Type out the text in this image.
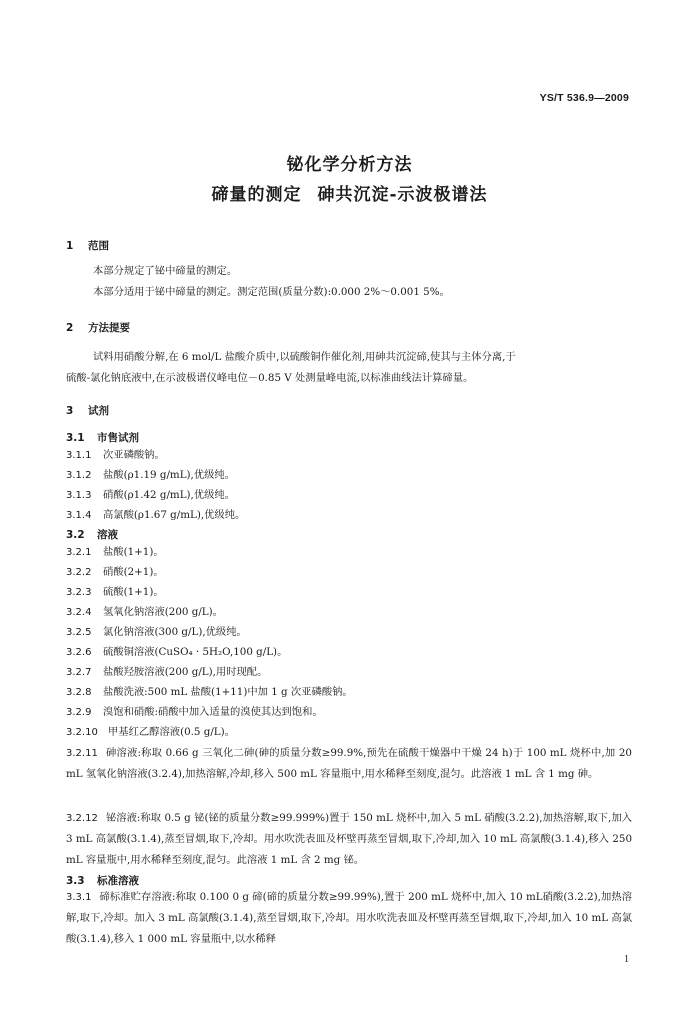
YS/T 536.9—2009
铋化学分析方法
碲量的测定 砷共沉淀-示波极谱法
1 范围
本部分规定了铋中碲量的测定。
本部分适用于铋中碲量的测定。测定范围(质量分数):0.000 2%～0.001 5%。
2 方法提要
试料用硝酸分解,在 6 mol/L 盐酸介质中,以硫酸铜作催化剂,用砷共沉淀碲,使其与主体分离,于
硫酸-氯化钠底液中,在示波极谱仪峰电位－0.85 V 处测量峰电流,以标准曲线法计算碲量。
3 试剂
3.1 市售试剂
3.1.1 次亚磷酸钠。
3.1.2 盐酸(ρ1.19 g/mL),优级纯。
3.1.3 硝酸(ρ1.42 g/mL),优级纯。
3.1.4 高氯酸(ρ1.67 g/mL),优级纯。
3.2 溶液
3.2.1 盐酸(1+1)。
3.2.2 硝酸(2+1)。
3.2.3 硫酸(1+1)。
3.2.4 氢氧化钠溶液(200 g/L)。
3.2.5 氯化钠溶液(300 g/L),优级纯。
3.2.6 硫酸铜溶液(CuSO₄ · 5H₂O,100 g/L)。
3.2.7 盐酸羟胺溶液(200 g/L),用时现配。
3.2.8 盐酸洗液:500 mL 盐酸(1+11)中加 1 g 次亚磷酸钠。
3.2.9 溴饱和硝酸:硝酸中加入适量的溴使其达到饱和。
3.2.10 甲基红乙醇溶液(0.5 g/L)。
3.2.11 砷溶液:称取 0.66 g 三氧化二砷(砷的质量分数≥99.9%,预先在硫酸干燥器中干燥 24 h)于 100 mL 烧杯中,加 20 mL 氢氧化钠溶液(3.2.4),加热溶解,冷却,移入 500 mL 容量瓶中,用水稀释至刻度,混匀。此溶液 1 mL 含 1 mg 砷。
3.2.12 铋溶液:称取 0.5 g 铋(铋的质量分数≥99.999%)置于 150 mL 烧杯中,加入 5 mL 硝酸(3.2.2),加热溶解,取下,加入 3 mL 高氯酸(3.1.4),蒸至冒烟,取下,冷却。用水吹洗表皿及杯壁再蒸至冒烟,取下,冷却,加入 10 mL 高氯酸(3.1.4),移入 250 mL 容量瓶中,用水稀释至刻度,混匀。此溶液 1 mL 含 2 mg 铋。
3.3 标准溶液
3.3.1 碲标准贮存溶液:称取 0.100 0 g 碲(碲的质量分数≥99.99%),置于 200 mL 烧杯中,加入 10 mL硝酸(3.2.2),加热溶解,取下,冷却。加入 3 mL 高氯酸(3.1.4),蒸至冒烟,取下,冷却。用水吹洗表皿及杯壁再蒸至冒烟,取下,冷却,加入 10 mL 高氯酸(3.1.4),移入 1 000 mL 容量瓶中,以水稀释
1
